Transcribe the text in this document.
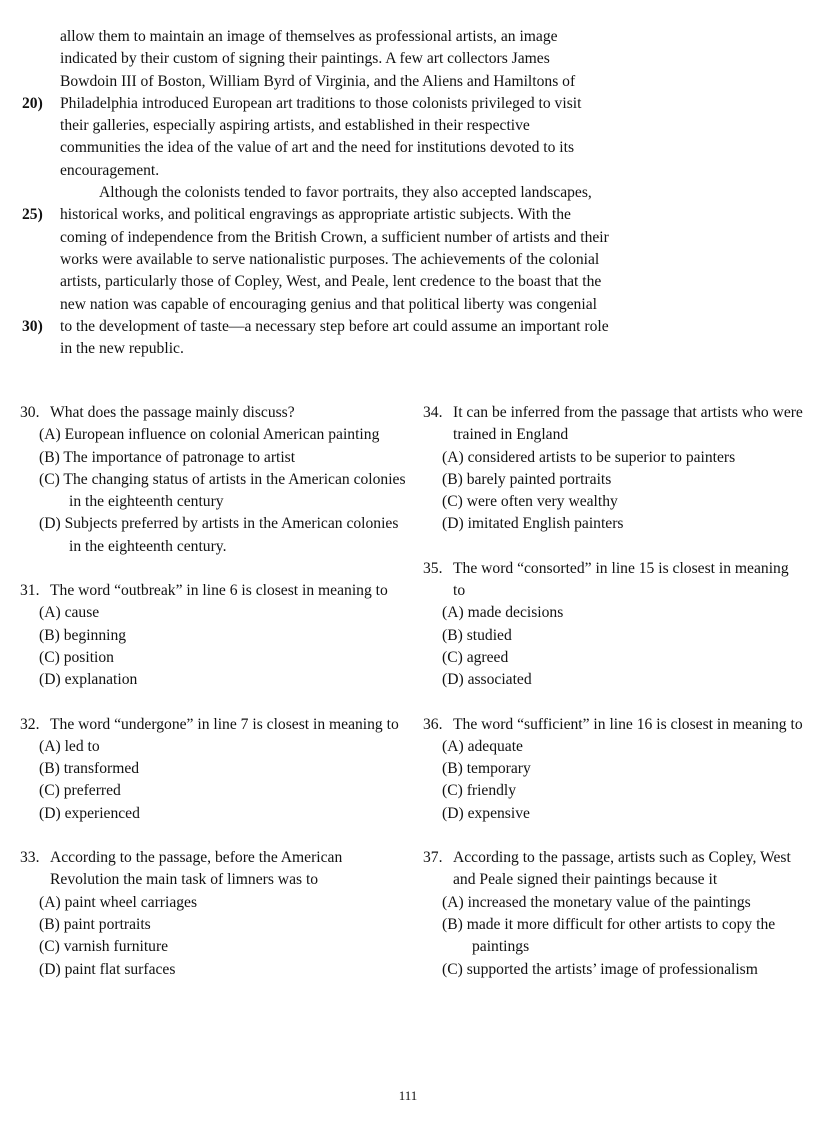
allow them to maintain an image of themselves as professional artists, an image
indicated by their custom of signing their paintings. A few art collectors James
Bowdoin III of Boston, William Byrd of Virginia, and the Aliens and Hamiltons of
20)	Philadelphia introduced European art traditions to those colonists privileged to visit
their galleries, especially aspiring artists, and established in their respective
communities the idea of the value of art and the need for institutions devoted to its
encouragement.
Although the colonists tended to favor portraits, they also accepted landscapes,
25)	historical works, and political engravings as appropriate artistic subjects. With the
coming of independence from the British Crown, a sufficient number of artists and their
works were available to serve nationalistic purposes. The achievements of the colonial
artists, particularly those of Copley, West, and Peale, lent credence to the boast that the
new nation was capable of encouraging genius and that political liberty was congenial
30)	to the development of taste—a necessary step before art could assume an important role
in the new republic.
30. What does the passage mainly discuss?
(A) European influence on colonial American painting
(B) The importance of patronage to artist
(C) The changing status of artists in the American colonies in the eighteenth century
(D) Subjects preferred by artists in the American colonies in the eighteenth century.
31. The word “outbreak” in line 6 is closest in meaning to
(A) cause
(B) beginning
(C) position
(D) explanation
32. The word “undergone” in line 7 is closest in meaning to
(A) led to
(B) transformed
(C) preferred
(D) experienced
33. According to the passage, before the American Revolution the main task of limners was to
(A) paint wheel carriages
(B) paint portraits
(C) varnish furniture
(D) paint flat surfaces
34. It can be inferred from the passage that artists who were trained in England
(A) considered artists to be superior to painters
(B) barely painted portraits
(C) were often very wealthy
(D) imitated English painters
35. The word “consorted” in line 15 is closest in meaning to
(A) made decisions
(B) studied
(C) agreed
(D) associated
36. The word “sufficient” in line 16 is closest in meaning to
(A) adequate
(B) temporary
(C) friendly
(D) expensive
37. According to the passage, artists such as Copley, West and Peale signed their paintings because it
(A) increased the monetary value of the paintings
(B) made it more difficult for other artists to copy the paintings
(C) supported the artists’ image of professionalism
111
